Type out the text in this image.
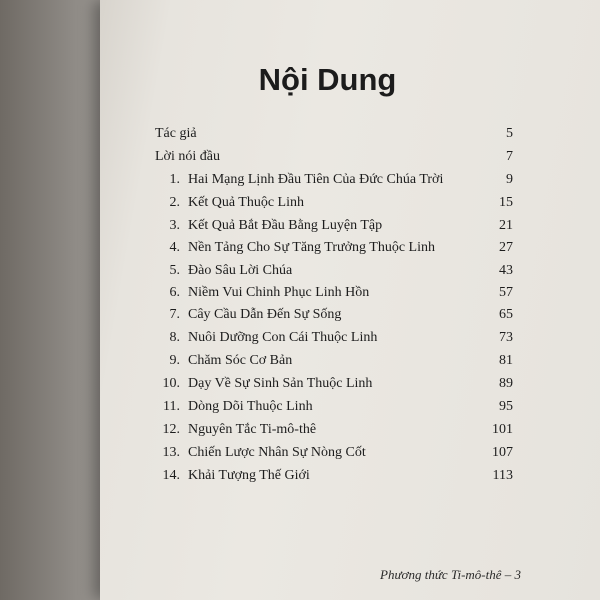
Nội Dung
Tác giả	5
Lời nói đầu	7
1. Hai Mạng Lịnh Đầu Tiên Của Đức Chúa Trời	9
2. Kết Quả Thuộc Linh	15
3. Kết Quả Bắt Đầu Bằng Luyện Tập	21
4. Nền Tảng Cho Sự Tăng Trưởng Thuộc Linh	27
5. Đào Sâu Lời Chúa	43
6. Niềm Vui Chinh Phục Linh Hồn	57
7. Cây Cầu Dẫn Đến Sự Sống	65
8. Nuôi Dưỡng Con Cái Thuộc Linh	73
9. Chăm Sóc Cơ Bản	81
10. Dạy Về Sự Sinh Sản Thuộc Linh	89
11. Dòng Dõi Thuộc Linh	95
12. Nguyên Tắc Ti-mô-thê	101
13. Chiến Lược Nhân Sự Nòng Cốt	107
14. Khải Tượng Thế Giới	113
Phương thức Ti-mô-thê – 3
